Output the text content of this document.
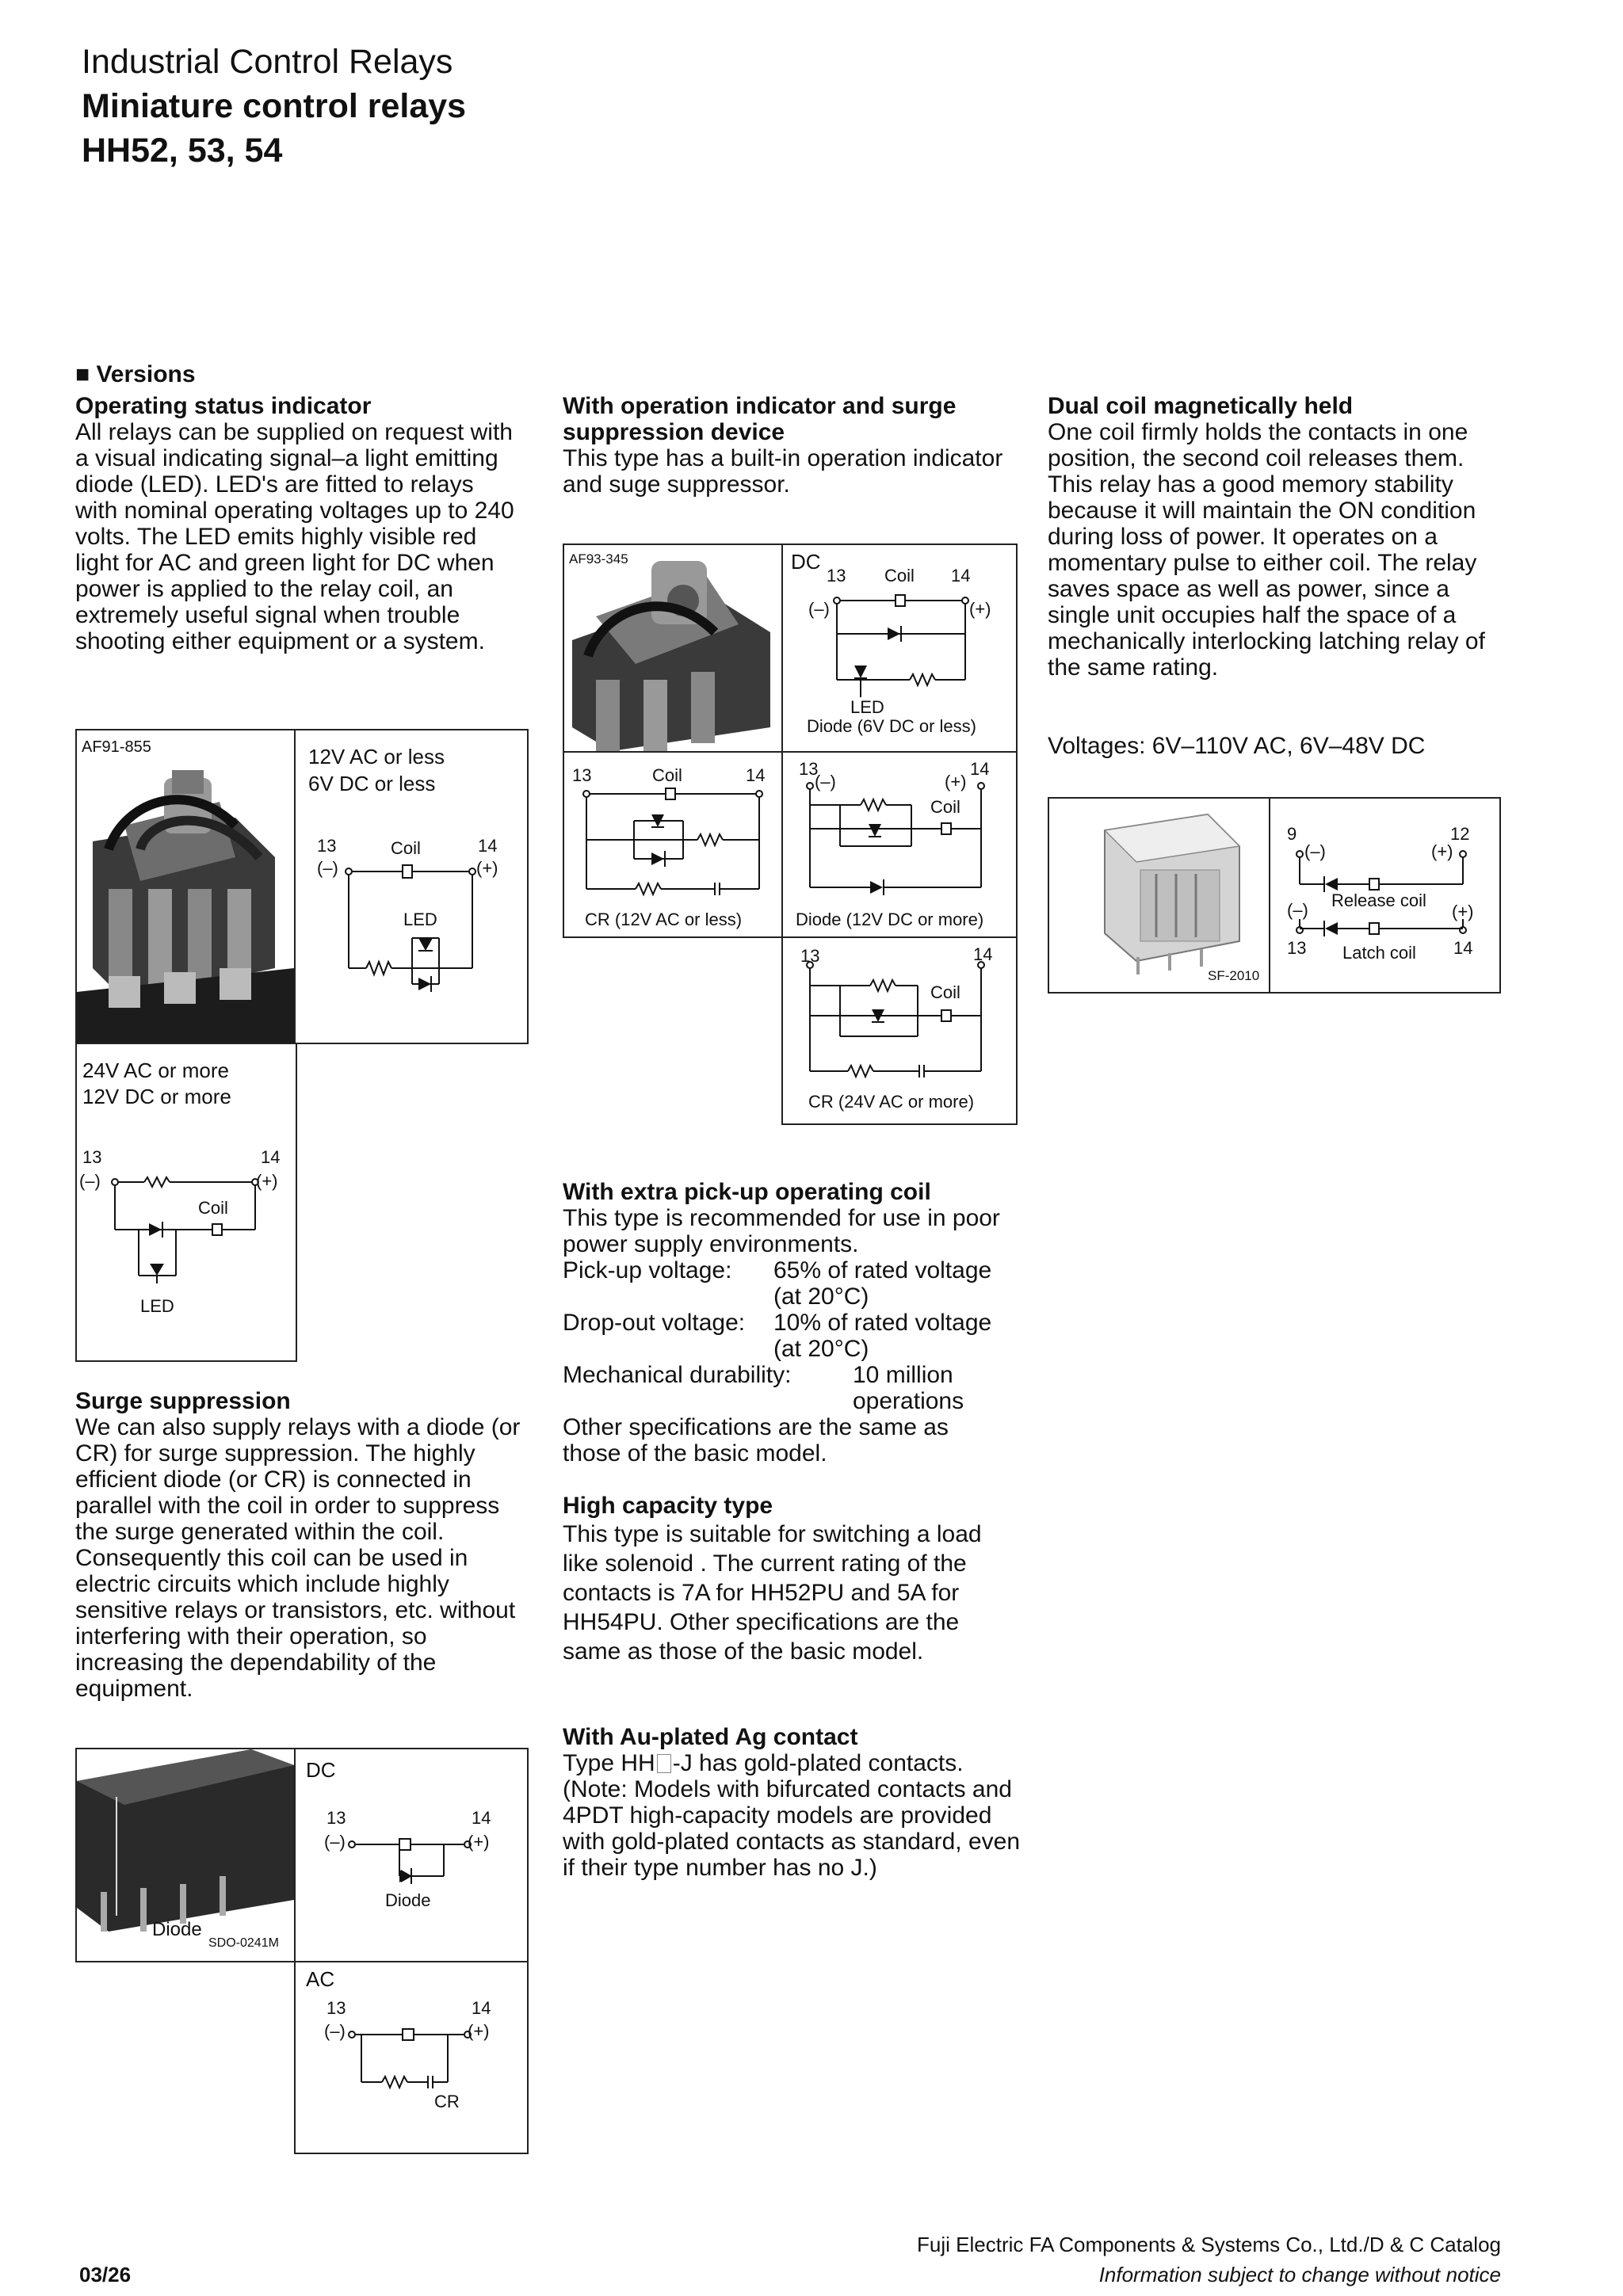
Industrial Control Relays
Miniature control relays
HH52, 53, 54
■ Versions
Operating status indicator
All relays can be supplied on request with a visual indicating signal–a light emitting diode (LED). LED's are fitted to relays with nominal operating voltages up to 240 volts. The LED emits highly visible red light for AC and green light for DC when power is applied to the relay coil, an extremely useful signal when trouble shooting either equipment or a system.
AF91-855	12V AC or less
6V DC or less
13
(–)
Coil	14
(+)
LED
24V AC or more
12V DC or more
13
(–)
14
(+)
Coil
LED
Surge suppression
We can also supply relays with a diode (or CR) for surge suppression. The highly efficient diode (or CR) is connected in parallel with the coil in order to suppress the surge generated within the coil. Consequently this coil can be used in electric circuits which include highly sensitive relays or transistors, etc. without interfering with their operation, so increasing the dependability of the equipment.
Diode
SDO-0241M
DC
13
(–)
14
(+)
Diode
AC
13
(–)
14
(+)
CR
With operation indicator and surge suppression device
This type has a built-in operation indicator and suge suppressor.
AF93-345	DC
13 Coil 14
(–)	(+)
LED
Diode (6V DC or less)
13	Coil	14
CR (12V AC or less)
13
(–)
14
(+)
Coil
Diode (12V DC or more)
13	14
Coil
CR (24V AC or more)
With extra pick-up operating coil
This type is recommended for use in poor power supply environments.
Pick-up voltage:	65% of rated voltage
(at 20°C)
Drop-out voltage:	10% of rated voltage
(at 20°C)
Mechanical durability:	10 million
operations
Other specifications are the same as those of the basic model.
High capacity type
This type is suitable for switching a load like solenoid . The current rating of the contacts is 7A for HH52PU and 5A for HH54PU. Other specifications are the same as those of the basic model.
With Au-plated Ag contact
Type HH -J has gold-plated contacts.
(Note: Models with bifurcated contacts and 4PDT high-capacity models are provided with gold-plated contacts as standard, even if their type number has no J.)
Dual coil magnetically held
One coil firmly holds the contacts in one position, the second coil releases them. This relay has a good memory stability because it will maintain the ON condition during loss of power. It operates on a momentary pulse to either coil. The relay saves space as well as power, since a single unit occupies half the space of a mechanically interlocking latching relay of the same rating.
Voltages: 6V–110V AC, 6V–48V DC
SF-2010
9
(–)
12
(+)
Release coil
(–)	(+)
13 Latch coil 14
Fuji Electric FA Components & Systems Co., Ltd./D & C Catalog
03/26	Information subject to change without notice
